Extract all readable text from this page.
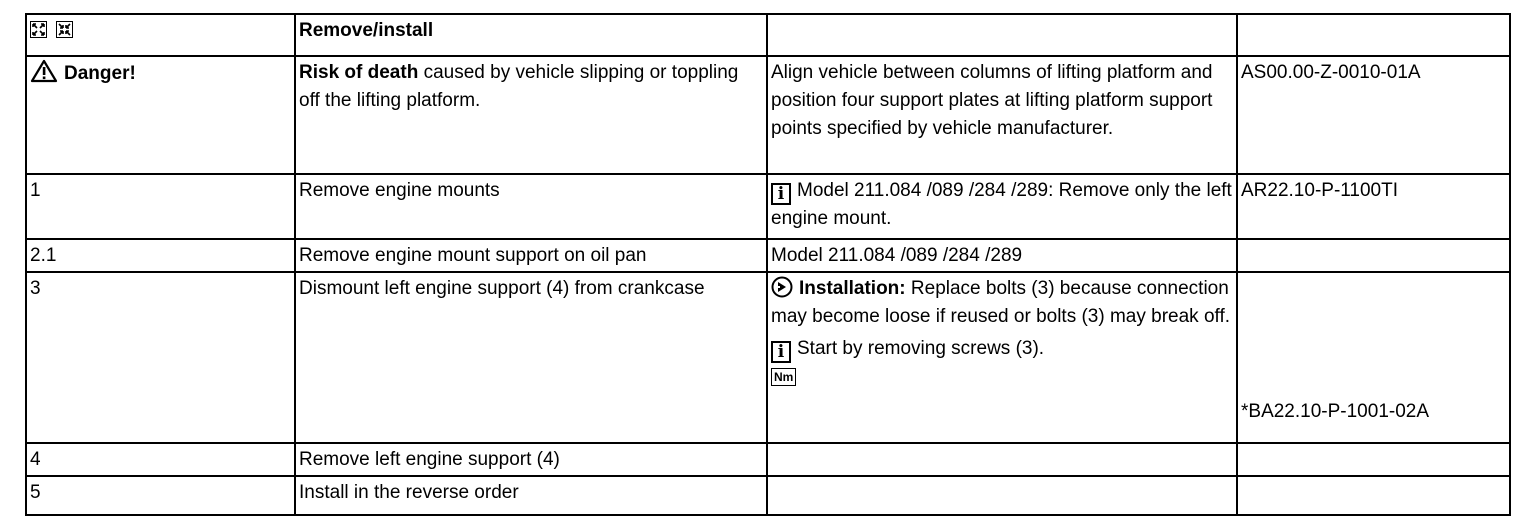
	Remove/install		
Danger!	Risk of death caused by vehicle slipping or toppling off the lifting platform.	Align vehicle between columns of lifting platform and position four support plates at lifting platform support points specified by vehicle manufacturer.	AS00.00-Z-0010-01A
1	Remove engine mounts	i Model 211.084 /089 /284 /289: Remove only the left engine mount.	AR22.10-P-1100TI
2.1	Remove engine mount support on oil pan	Model 211.084 /089 /284 /289	
3	Dismount left engine support (4) from crankcase	Installation: Replace bolts (3) because connection may become loose if reused or bolts (3) may break off.
i Start by removing screws (3).
Nm	*BA22.10-P-1001-02A
4	Remove left engine support (4)		
5	Install in the reverse order		
